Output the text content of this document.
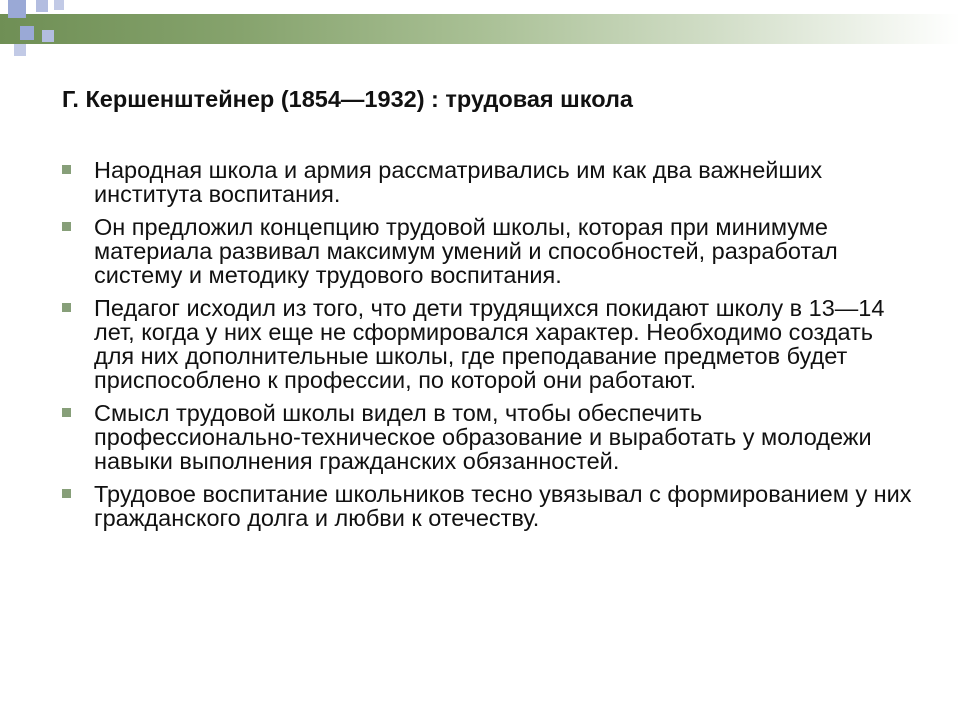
Г. Кершенштейнер (1854—1932) : трудовая школа
Народная школа и армия рассматривались им как два важнейших института воспитания.
Он предложил концепцию трудовой школы, которая при минимуме материала развивал максимум умений и способностей, разработал систему и методику трудового воспитания.
Педагог исходил из того, что дети трудящихся покидают школу в 13—14 лет, когда у них еще не сформировался характер. Необходимо создать для них дополнительные школы, где преподавание предметов будет приспособлено к профессии, по которой они работают.
Смысл трудовой школы видел в том, чтобы обеспечить профессионально-техническое образование и выработать у молодежи навыки выполнения гражданских обязанностей.
Трудовое воспитание школьников тесно увязывал с формированием у них гражданского долга и любви к отечеству.
